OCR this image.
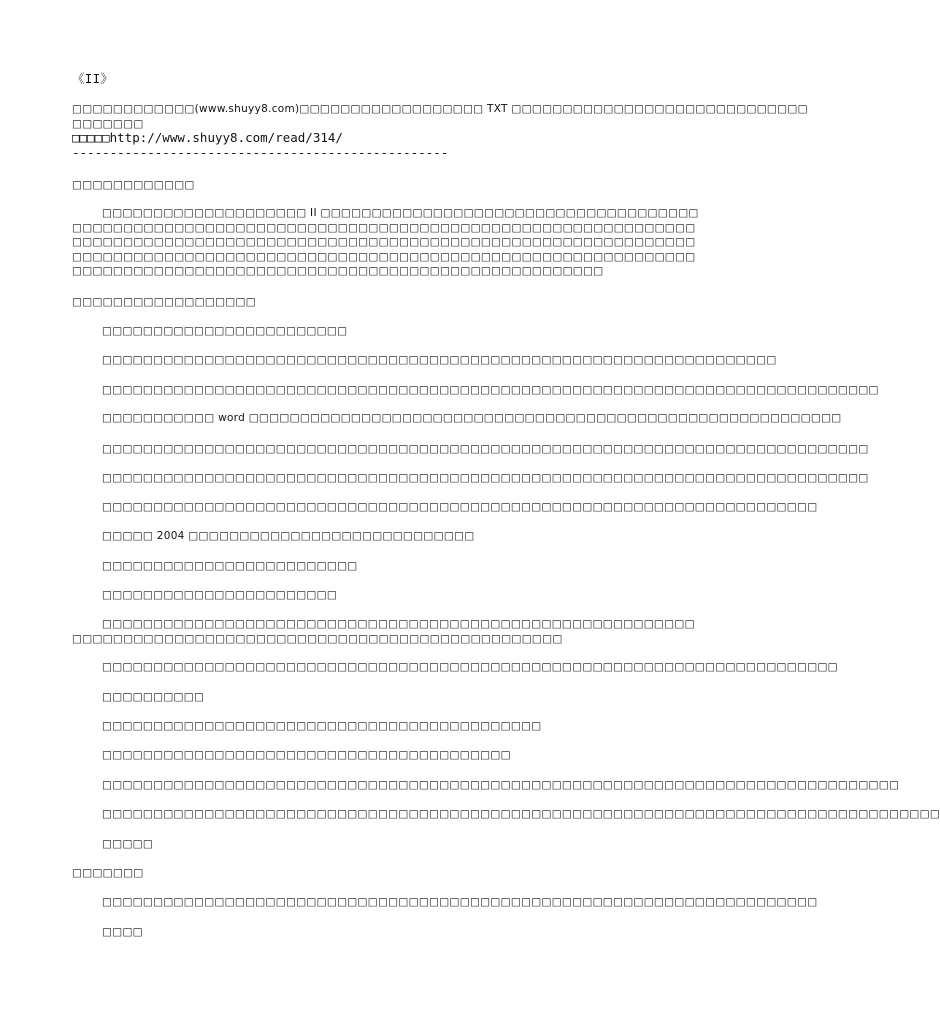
《II》
□□□□□□□□□□□□(www.shuyy8.com)□□□□□□□□□□□□□□□□□□ TXT □□□□□□□□□□□□□□□□□□□□□□□□□□□□□
□□□□□□□
□□□□□http://www.shuyy8.com/read/314/
--------------------------------------------------
□□□□□□□□□□□□
□□□□□□□□□□□□□□□□□□□□ II □□□□□□□□□□□□□□□□□□□□□□□□□□□□□□□□□□□□□□□□□□□□□□□□□□□□□□□□□□□□□□□□□□□□□□□□□□□□□□□□□□□□□□□□□□□□□□□□□□□□□□□□□□□□□□□□□□□□□□□□□□□□□□□□□□□□□□□□□□□□□□□□□□□□□□□□□□□□□□□□□□□□□□□□□□□□□□□□□□□□□□□□□□□□□□□□□□□□□□□□□□□□□□□□□□□□□□□□□□□□□□□□□□□□□□□□□□□□□□□□□□□□□□□□□□□□□□□□□□□□□□□□□□□□□□□□
□□□□□□□□□□□□□□□□□□
□□□□□□□□□□□□□□□□□□□□□□□□
□□□□□□□□□□□□□□□□□□□□□□□□□□□□□□□□□□□□□□□□□□□□□□□□□□□□□□□□□□□□□□□□□□
□□□□□□□□□□□□□□□□□□□□□□□□□□□□□□□□□□□□□□□□□□□□□□□□□□□□□□□□□□□□□□□□□□□□□□□□□□□□
□□□□□□□□□□□ word □□□□□□□□□□□□□□□□□□□□□□□□□□□□□□□□□□□□□□□□□□□□□□□□□□□□□□□□□□
□□□□□□□□□□□□□□□□□□□□□□□□□□□□□□□□□□□□□□□□□□□□□□□□□□□□□□□□□□□□□□□□□□□□□□□□□□□
□□□□□□□□□□□□□□□□□□□□□□□□□□□□□□□□□□□□□□□□□□□□□□□□□□□□□□□□□□□□□□□□□□□□□□□□□□□
□□□□□□□□□□□□□□□□□□□□□□□□□□□□□□□□□□□□□□□□□□□□□□□□□□□□□□□□□□□□□□□□□□□□□□
□□□□□ 2004 □□□□□□□□□□□□□□□□□□□□□□□□□□□□
□□□□□□□□□□□□□□□□□□□□□□□□□
□□□□□□□□□□□□□□□□□□□□□□□
□□□□□□□□□□□□□□□□□□□□□□□□□□□□□□□□□□□□□□□□□□□□□□□□□□□□□□□□□□□□□□□□□□□□□□□□□□□□□□□□□□□□□□□□□□□□□□□□□□□□□□□□□□
□□□□□□□□□□□□□□□□□□□□□□□□□□□□□□□□□□□□□□□□□□□□□□□□□□□□□□□□□□□□□□□□□□□□□□□□
□□□□□□□□□□
□□□□□□□□□□□□□□□□□□□□□□□□□□□□□□□□□□□□□□□□□□□
□□□□□□□□□□□□□□□□□□□□□□□□□□□□□□□□□□□□□□□□
□□□□□□□□□□□□□□□□□□□□□□□□□□□□□□□□□□□□□□□□□□□□□□□□□□□□□□□□□□□□□□□□□□□□□□□□□□□□□□
□□□□□□□□□□□□□□□□□□□□□□□□□□□□□□□□□□□□□□□□□□□□□□□□□□□□□□□□□□□□□□□□□□□□□□□□□□□□□□□□□□
□□□□□
□□□□□□□
□□□□□□□□□□□□□□□□□□□□□□□□□□□□□□□□□□□□□□□□□□□□□□□□□□□□□□□□□□□□□□□□□□□□□□
□□□□
